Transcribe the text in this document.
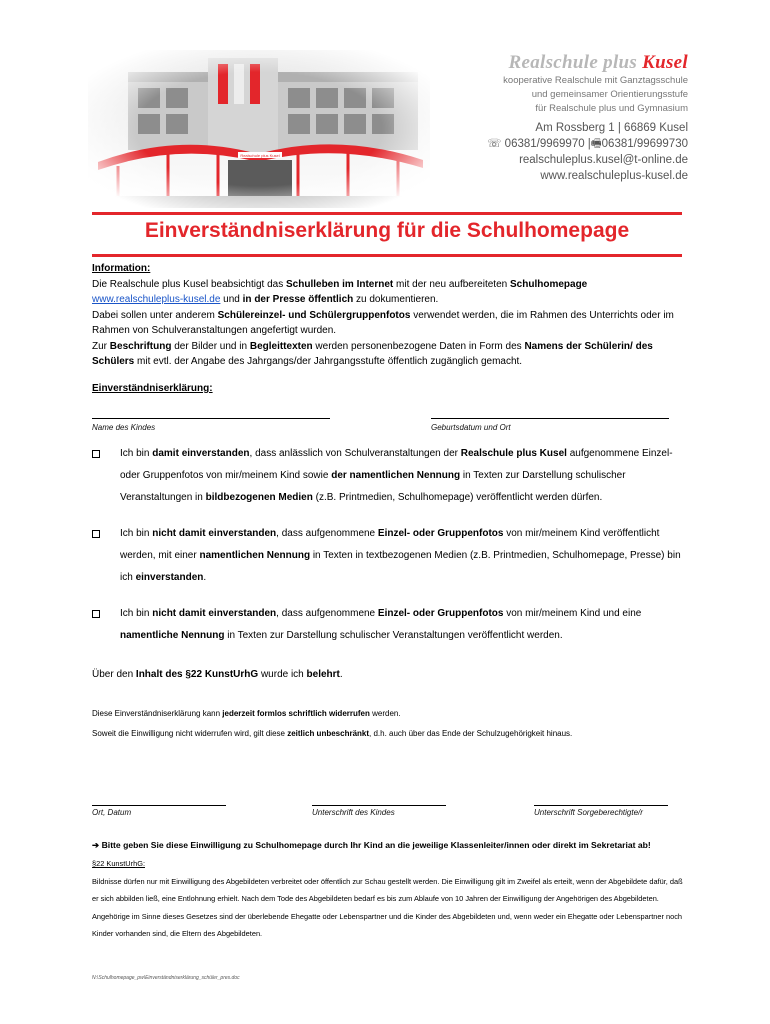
Realschule plus Kusel
kooperative Realschule mit Ganztagsschule
und gemeinsamer Orientierungsstufe
für Realschule plus und Gymnasium
Am Rossberg 1 | 66869 Kusel
☏ 06381/9969970 |🖷06381/99699730
realschuleplus.kusel@t-online.de
www.realschuleplus-kusel.de
Einverständniserklärung für die Schulhomepage
Information:
Die Realschule plus Kusel beabsichtigt das Schulleben im Internet mit der neu aufbereiteten Schulhomepage
www.realschuleplus-kusel.de und in der Presse öffentlich zu dokumentieren.
Dabei sollen unter anderem Schülereinzel- und Schülergruppenfotos verwendet werden, die im Rahmen des Unterrichts oder im Rahmen von Schulveranstaltungen angefertigt wurden.
Zur Beschriftung der Bilder und in Begleittexten werden personenbezogene Daten in Form des Namens der Schülerin/ des Schülers mit evtl. der Angabe des Jahrgangs/der Jahrgangsstufte öffentlich zugänglich gemacht.
Einverständniserklärung:
Name des Kindes	Geburtsdatum und Ort
Ich bin damit einverstanden, dass anlässlich von Schulveranstaltungen der Realschule plus Kusel aufgenommene Einzel- oder Gruppenfotos von mir/meinem Kind sowie der namentlichen Nennung in Texten zur Darstellung schulischer Veranstaltungen in bildbezogenen Medien (z.B. Printmedien, Schulhomepage) veröffentlicht werden dürfen.
Ich bin nicht damit einverstanden, dass aufgenommene Einzel- oder Gruppenfotos von mir/meinem Kind veröffentlicht werden, mit einer namentlichen Nennung in Texten in textbezogenen Medien (z.B. Printmedien, Schulhomepage, Presse) bin ich einverstanden.
Ich bin nicht damit einverstanden, dass aufgenommene Einzel- oder Gruppenfotos von mir/meinem Kind und eine namentliche Nennung in Texten zur Darstellung schulischer Veranstaltungen veröffentlicht werden.
Über den Inhalt des §22 KunstUrhG wurde ich belehrt.
Diese Einverständniserklärung kann jederzeit formlos schriftlich widerrufen werden.
Soweit die Einwilligung nicht widerrufen wird, gilt diese zeitlich unbeschränkt, d.h. auch über das Ende der Schulzugehörigkeit hinaus.
Ort, Datum	Unterschrift des Kindes	Unterschrift Sorgeberechtigte/r
➔ Bitte geben Sie diese Einwilligung zu Schulhomepage durch Ihr Kind an die jeweilige Klassenleiter/innen oder direkt im Sekretariat ab!
§22 KunstUrhG:
Bildnisse dürfen nur mit Einwilligung des Abgebildeten verbreitet oder öffentlich zur Schau gestellt werden. Die Einwilligung gilt im Zweifel als erteilt, wenn der Abgebildete dafür, daß er sich abbilden ließ, eine Entlohnung erhielt. Nach dem Tode des Abgebildeten bedarf es bis zum Ablaufe von 10 Jahren der Einwilligung der Angehörigen des Abgebildeten. Angehörige im Sinne dieses Gesetzes sind der überlebende Ehegatte oder Lebenspartner und die Kinder des Abgebildeten und, wenn weder ein Ehegatte oder Lebenspartner noch Kinder vorhanden sind, die Eltern des Abgebildeten.
N:\Schulhomepage_pw\Einverständniserklärung_schüler_pres.doc
